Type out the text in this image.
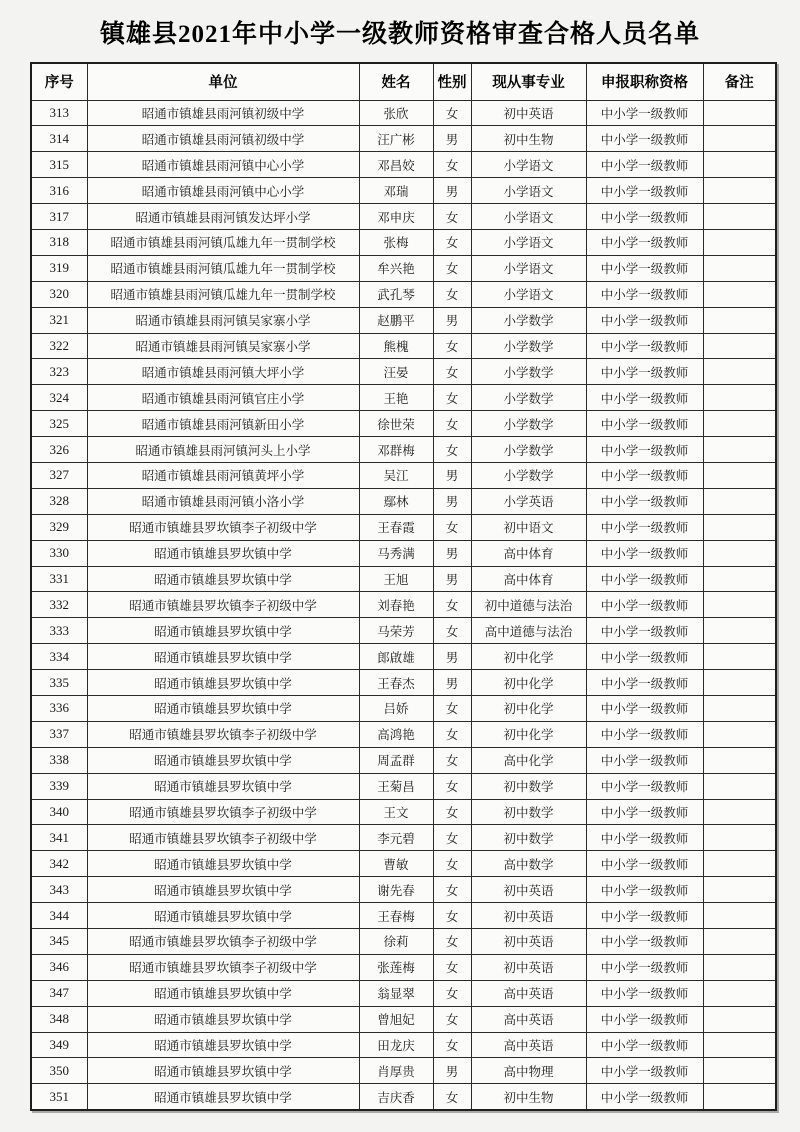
镇雄县2021年中小学一级教师资格审查合格人员名单
序号	单位	姓名	性别	现从事专业	申报职称资格	备注
313	昭通市镇雄县雨河镇初级中学	张欣	女	初中英语	中小学一级教师	
314	昭通市镇雄县雨河镇初级中学	汪广彬	男	初中生物	中小学一级教师	
315	昭通市镇雄县雨河镇中心小学	邓昌姣	女	小学语文	中小学一级教师	
316	昭通市镇雄县雨河镇中心小学	邓瑞	男	小学语文	中小学一级教师	
317	昭通市镇雄县雨河镇发达坪小学	邓申庆	女	小学语文	中小学一级教师	
318	昭通市镇雄县雨河镇瓜雄九年一贯制学校	张梅	女	小学语文	中小学一级教师	
319	昭通市镇雄县雨河镇瓜雄九年一贯制学校	牟兴艳	女	小学语文	中小学一级教师	
320	昭通市镇雄县雨河镇瓜雄九年一贯制学校	武孔琴	女	小学语文	中小学一级教师	
321	昭通市镇雄县雨河镇吴家寨小学	赵鹏平	男	小学数学	中小学一级教师	
322	昭通市镇雄县雨河镇吴家寨小学	熊槐	女	小学数学	中小学一级教师	
323	昭通市镇雄县雨河镇大坪小学	汪晏	女	小学数学	中小学一级教师	
324	昭通市镇雄县雨河镇官庄小学	王艳	女	小学数学	中小学一级教师	
325	昭通市镇雄县雨河镇新田小学	徐世荣	女	小学数学	中小学一级教师	
326	昭通市镇雄县雨河镇河头上小学	邓群梅	女	小学数学	中小学一级教师	
327	昭通市镇雄县雨河镇黄坪小学	吴江	男	小学数学	中小学一级教师	
328	昭通市镇雄县雨河镇小洛小学	鄢林	男	小学英语	中小学一级教师	
329	昭通市镇雄县罗坎镇李子初级中学	王春霞	女	初中语文	中小学一级教师	
330	昭通市镇雄县罗坎镇中学	马秀满	男	高中体育	中小学一级教师	
331	昭通市镇雄县罗坎镇中学	王旭	男	高中体育	中小学一级教师	
332	昭通市镇雄县罗坎镇李子初级中学	刘春艳	女	初中道德与法治	中小学一级教师	
333	昭通市镇雄县罗坎镇中学	马荣芳	女	高中道德与法治	中小学一级教师	
334	昭通市镇雄县罗坎镇中学	郎啟雄	男	初中化学	中小学一级教师	
335	昭通市镇雄县罗坎镇中学	王春杰	男	初中化学	中小学一级教师	
336	昭通市镇雄县罗坎镇中学	吕娇	女	初中化学	中小学一级教师	
337	昭通市镇雄县罗坎镇李子初级中学	高鸿艳	女	初中化学	中小学一级教师	
338	昭通市镇雄县罗坎镇中学	周孟群	女	高中化学	中小学一级教师	
339	昭通市镇雄县罗坎镇中学	王菊昌	女	初中数学	中小学一级教师	
340	昭通市镇雄县罗坎镇李子初级中学	王文	女	初中数学	中小学一级教师	
341	昭通市镇雄县罗坎镇李子初级中学	李元碧	女	初中数学	中小学一级教师	
342	昭通市镇雄县罗坎镇中学	曹敏	女	高中数学	中小学一级教师	
343	昭通市镇雄县罗坎镇中学	谢先春	女	初中英语	中小学一级教师	
344	昭通市镇雄县罗坎镇中学	王春梅	女	初中英语	中小学一级教师	
345	昭通市镇雄县罗坎镇李子初级中学	徐莉	女	初中英语	中小学一级教师	
346	昭通市镇雄县罗坎镇李子初级中学	张莲梅	女	初中英语	中小学一级教师	
347	昭通市镇雄县罗坎镇中学	翁显翠	女	高中英语	中小学一级教师	
348	昭通市镇雄县罗坎镇中学	曾旭妃	女	高中英语	中小学一级教师	
349	昭通市镇雄县罗坎镇中学	田龙庆	女	高中英语	中小学一级教师	
350	昭通市镇雄县罗坎镇中学	肖厚贵	男	高中物理	中小学一级教师	
351	昭通市镇雄县罗坎镇中学	吉庆香	女	初中生物	中小学一级教师	
